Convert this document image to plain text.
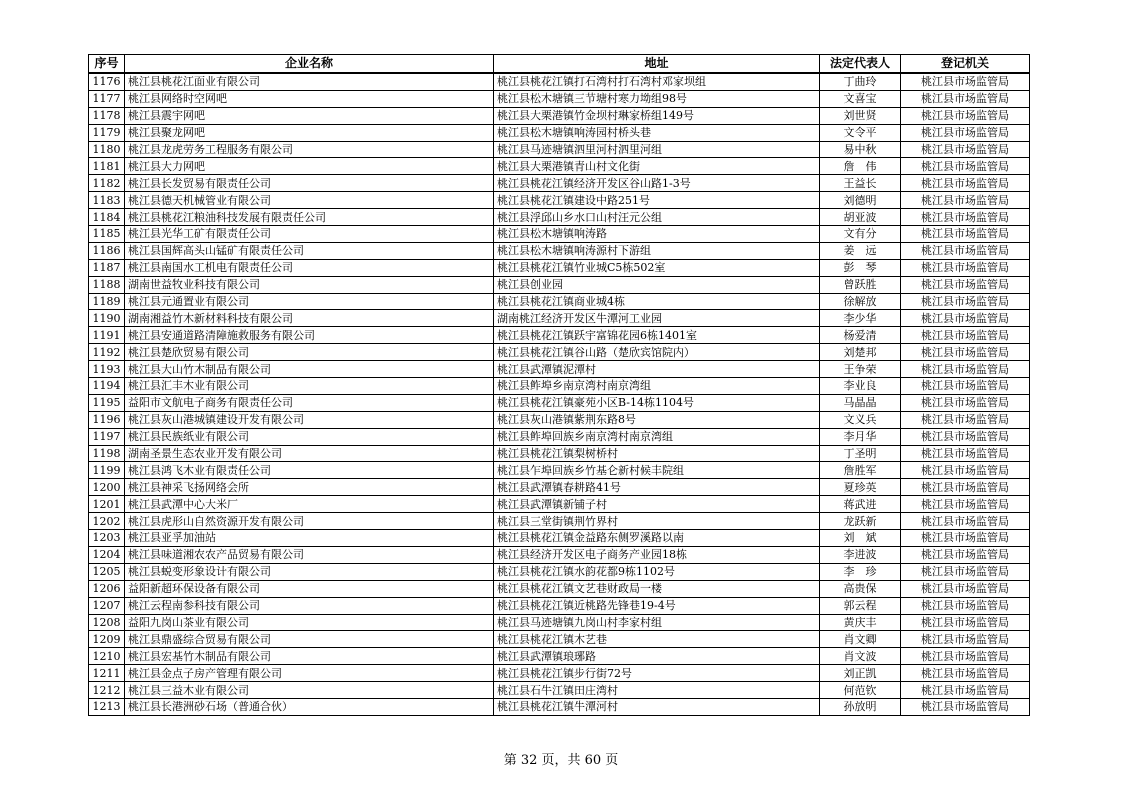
序号	企业名称	地址	法定代表人	登记机关
1176	桃江县桃花江面业有限公司	桃江县桃花江镇打石湾村打石湾村邓家坝组	丁曲玲	桃江县市场监管局
1177	桃江县网络时空网吧	桃江县松木塘镇三节塘村寒力坳组98号	文喜宝	桃江县市场监管局
1178	桃江县震宇网吧	桃江县大栗港镇竹金坝村琳家桥组149号	刘世贤	桃江县市场监管局
1179	桃江县聚龙网吧	桃江县松木塘镇响涛园村桥头巷	文令平	桃江县市场监管局
1180	桃江县龙虎劳务工程服务有限公司	桃江县马迹塘镇泗里河村泗里河组	易中秋	桃江县市场监管局
1181	桃江县大力网吧	桃江县大栗港镇青山村文化街	詹　伟	桃江县市场监管局
1182	桃江县长发贸易有限责任公司	桃江县桃花江镇经济开发区谷山路1-3号	王益长	桃江县市场监管局
1183	桃江县德天机械管业有限公司	桃江县桃花江镇建设中路251号	刘德明	桃江县市场监管局
1184	桃江县桃花江粮油科技发展有限责任公司	桃江县浮邱山乡水口山村汪元公组	胡亚波	桃江县市场监管局
1185	桃江县光华工矿有限责任公司	桃江县松木塘镇响涛路	文有分	桃江县市场监管局
1186	桃江县国辉高头山锰矿有限责任公司	桃江县松木塘镇响涛源村下游组	姜　远	桃江县市场监管局
1187	桃江县南国水工机电有限责任公司	桃江县桃花江镇竹业城C5栋502室	彭　琴	桃江县市场监管局
1188	湖南世益牧业科技有限公司	桃江县创业园	曾跃胜	桃江县市场监管局
1189	桃江县元通置业有限公司	桃江县桃花江镇商业城4栋	徐解放	桃江县市场监管局
1190	湖南湘益竹木新材料科技有限公司	湖南桃江经济开发区牛潭河工业园	李少华	桃江县市场监管局
1191	桃江县安通道路清障施救服务有限公司	桃江县桃花江镇跃宇富锦花园6栋1401室	杨爱清	桃江县市场监管局
1192	桃江县楚欣贸易有限公司	桃江县桃花江镇谷山路（楚欣宾馆院内）	刘楚邦	桃江县市场监管局
1193	桃江县大山竹木制品有限公司	桃江县武潭镇泥潭村	王争荣	桃江县市场监管局
1194	桃江县汇丰木业有限公司	桃江县鲊埠乡南京湾村南京湾组	李业良	桃江县市场监管局
1195	益阳市文航电子商务有限责任公司	桃江县桃花江镇豪苑小区B-14栋1104号	马晶晶	桃江县市场监管局
1196	桃江县灰山港城镇建设开发有限公司	桃江县灰山港镇紫荆东路8号	文义兵	桃江县市场监管局
1197	桃江县民族纸业有限公司	桃江县鲊埠回族乡南京湾村南京湾组	李月华	桃江县市场监管局
1198	湖南圣景生态农业开发有限公司	桃江县桃花江镇梨树桥村	丁圣明	桃江县市场监管局
1199	桃江县鸿飞木业有限责任公司	桃江县乍埠回族乡竹基仑新村候丰院组	詹胜军	桃江县市场监管局
1200	桃江县神采飞扬网络会所	桃江县武潭镇春耕路41号	夏珍英	桃江县市场监管局
1201	桃江县武潭中心大米厂	桃江县武潭镇新铺子村	蒋武进	桃江县市场监管局
1202	桃江县虎形山自然资源开发有限公司	桃江县三堂街镇荆竹界村	龙跃新	桃江县市场监管局
1203	桃江县亚孚加油站	桃江县桃花江镇金益路东侧罗溪路以南	刘　斌	桃江县市场监管局
1204	桃江县味道湘农农产品贸易有限公司	桃江县经济开发区电子商务产业园18栋	李进波	桃江县市场监管局
1205	桃江县蜕变形象设计有限公司	桃江县桃花江镇水韵花都9栋1102号	李　珍	桃江县市场监管局
1206	益阳新超环保设备有限公司	桃江县桃花江镇文艺巷财政局一楼	高贵保	桃江县市场监管局
1207	桃江云程南参科技有限公司	桃江县桃花江镇近桃路先锋巷19-4号	郭云程	桃江县市场监管局
1208	益阳九岗山茶业有限公司	桃江县马迹塘镇九岗山村李家村组	黄庆丰	桃江县市场监管局
1209	桃江县鼎盛综合贸易有限公司	桃江县桃花江镇木艺巷	肖文卿	桃江县市场监管局
1210	桃江县宏基竹木制品有限公司	桃江县武潭镇琅琊路	肖文波	桃江县市场监管局
1211	桃江县金点子房产管理有限公司	桃江县桃花江镇步行街72号	刘正凯	桃江县市场监管局
1212	桃江县三益木业有限公司	桃江县石牛江镇田庄湾村	何范钦	桃江县市场监管局
1213	桃江县长港洲砂石场（普通合伙）	桃江县桃花江镇牛潭河村	孙放明	桃江县市场监管局
第 32 页，共 60 页
